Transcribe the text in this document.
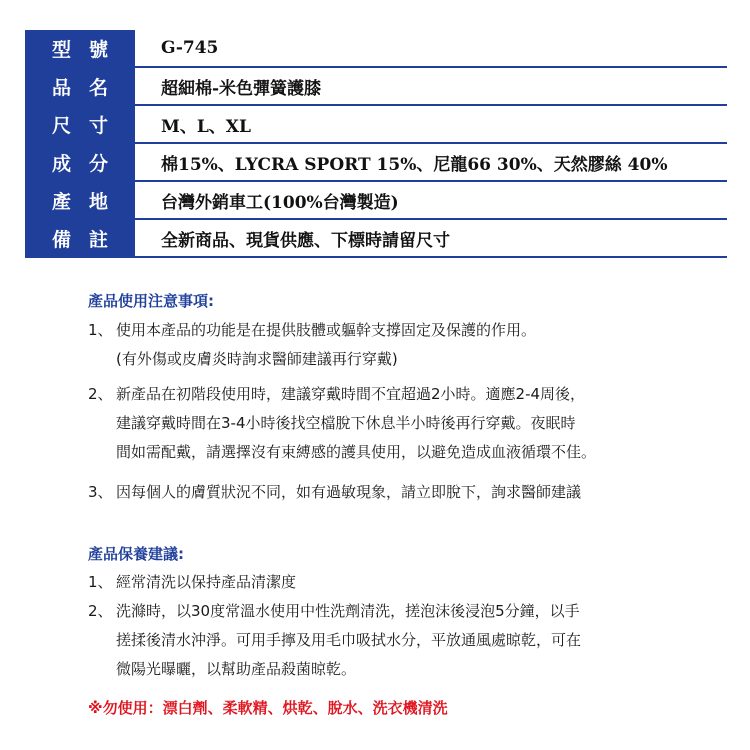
型號	G-745
品名	超細棉-米色彈簧護膝
尺寸	M、L、XL
成分	棉15%、LYCRA SPORT 15%、尼龍66 30%、天然膠絲 40%
產地	台灣外銷車工(100%台灣製造)
備註	全新商品、現貨供應、下標時請留尺寸
產品使用注意事項:
1、 使用本產品的功能是在提供肢體或軀幹支撐固定及保護的作用。
(有外傷或皮膚炎時詢求醫師建議再行穿戴)
2、 新產品在初階段使用時，建議穿戴時間不宜超過2小時。適應2-4周後，
建議穿戴時間在3-4小時後找空檔脫下休息半小時後再行穿戴。夜眠時
間如需配戴，請選擇沒有束縛感的護具使用，以避免造成血液循環不佳。
3、 因每個人的膚質狀況不同，如有過敏現象，請立即脫下，詢求醫師建議
產品保養建議:
1、 經常清洗以保持產品清潔度
2、 洗滌時，以30度常溫水使用中性洗劑清洗，搓泡沫後浸泡5分鐘，以手
搓揉後清水沖淨。可用手擰及用毛巾吸拭水分，平放通風處晾乾，可在
微陽光曝曬，以幫助產品殺菌晾乾。
※勿使用：漂白劑、柔軟精、烘乾、脫水、洗衣機清洗
